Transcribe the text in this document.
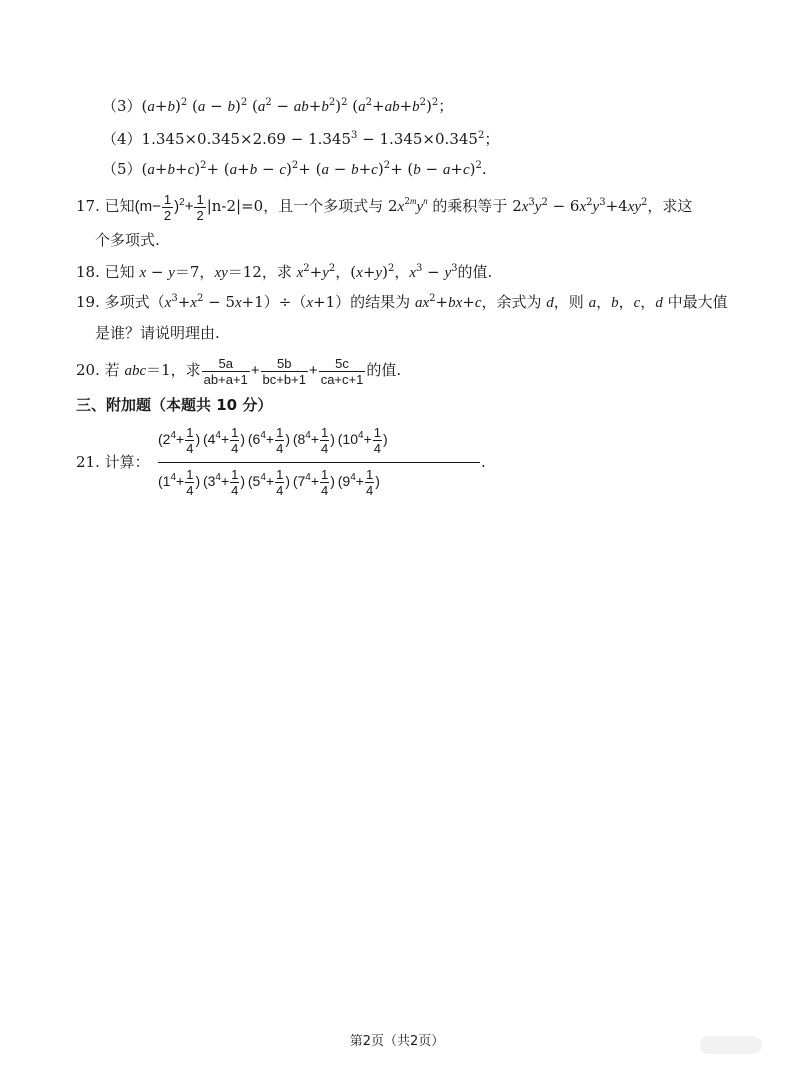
$(3)(a+b)^2$ $(a - b)^2$ $(a^2 - ab+b^2)^2$ $(a^2+ab+b^2)^2$；
$(4)1.345\times 0.345\times 2.69 - 1.345^3 - 1.345\times 0.345^2$；
$(5)(a+b+c)^2+ (a+b - c)^2+ (a - b+c)^2+ (b - a+c)^2$.
17. 已知$(m- \frac{1}{2} )^2+ \frac{1}{2} |n-2|=0$，且一个多项式与 $2x^{2m}y^n$ 的乘积等于 $2x^3y^2 - 6x^2y^3+4xy^2$，求这
个多项式.
18. 已知 x − y＝7，xy＝12，求 $x^2+y^2$，$(x+y)^2$，$x^3 - y^3$的值.
19. 多项式$(x^3+x^2 - 5x+1)\div(x+1)$的结果为 $ax^2+bx+c$，余式为 d，则 a，b，c，d 中最大值
是谁？请说明理由.
20. 若 abc＝1，求 $\frac{5a}{ab+a+1} + \frac{5b}{bc+b+1} + \frac{5c}{ca+c+1}$ 的值.
三、附加题（本题共 10 分）
21. 计算：
($2^4+ \frac{1}{4}$ )  ($4^4+ \frac{1}{4}$ )  ($6^4+ \frac{1}{4}$ )  ($8^4+ \frac{1}{4}$ )  ($10^4+ \frac{1}{4}$ )
($1^4+ \frac{1}{4}$ )  ($3^4+ \frac{1}{4}$ )  ($5^4+ \frac{1}{4}$ )  ($7^4+ \frac{1}{4}$ )  ($9^4+ \frac{1}{4}$ )
.
第2页（共2页）
